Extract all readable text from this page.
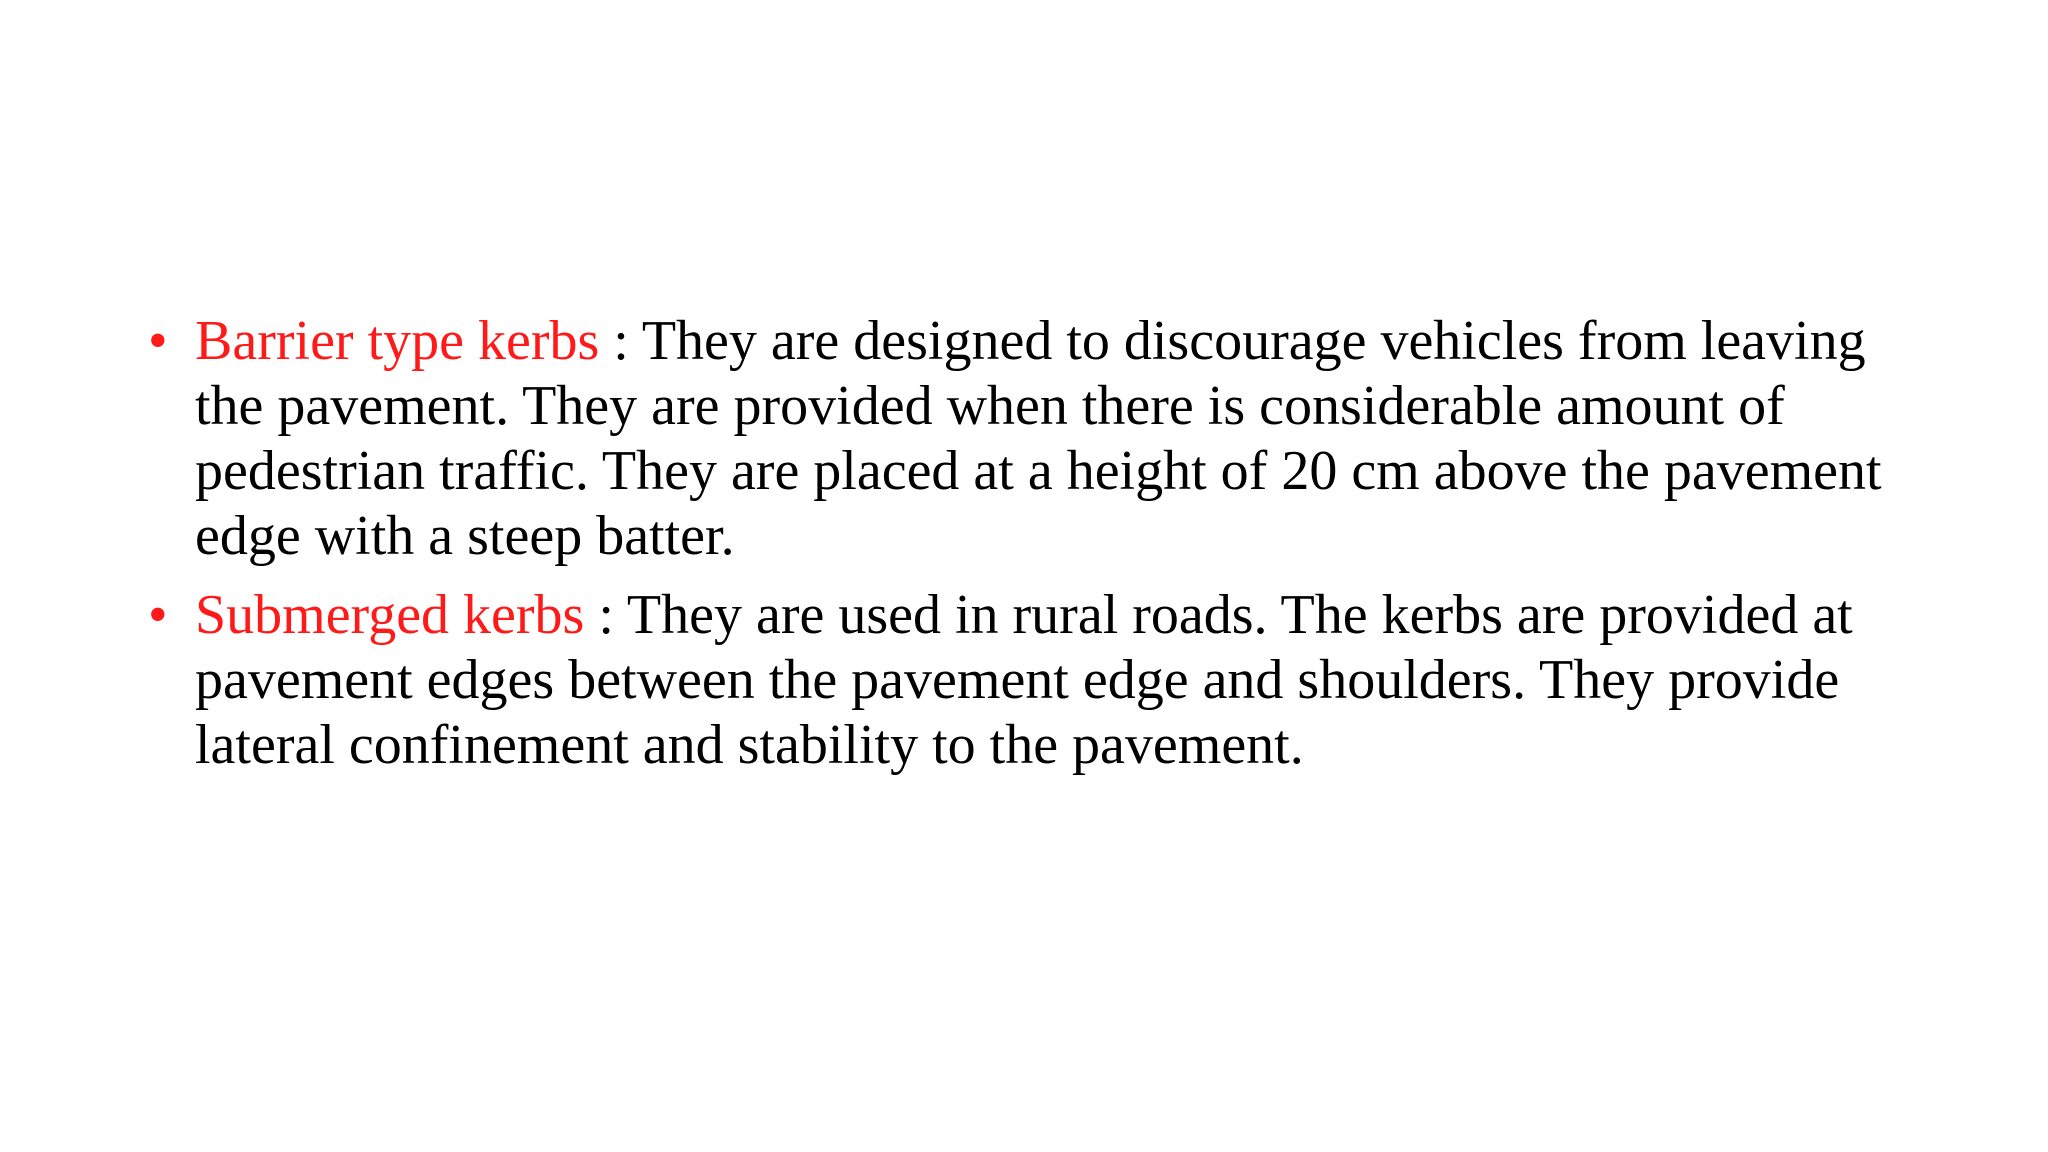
• Barrier type kerbs : They are designed to discourage vehicles from leaving the pavement. They are provided when there is considerable amount of pedestrian traffic. They are placed at a height of 20 cm above the pavement edge with a steep batter.
• Submerged kerbs : They are used in rural roads. The kerbs are provided at pavement edges between the pavement edge and shoulders. They provide lateral confinement and stability to the pavement.
